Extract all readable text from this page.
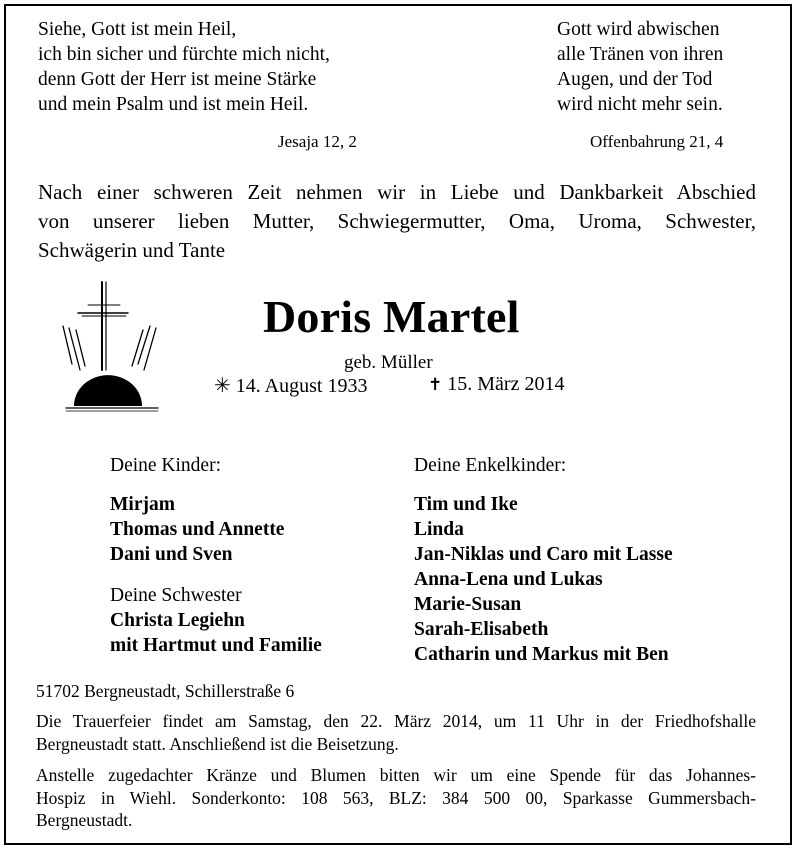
Siehe, Gott ist mein Heil,
ich bin sicher und fürchte mich nicht,
denn Gott der Herr ist meine Stärke
und mein Psalm und ist mein Heil.
Jesaja 12, 2
Gott wird abwischen
alle Tränen von ihren
Augen, und der Tod
wird nicht mehr sein.
Offenbahrung 21, 4
Nach einer schweren Zeit nehmen wir in Liebe und Dankbarkeit Abschied
von unserer lieben Mutter, Schwiegermutter, Oma, Uroma, Schwester,
Schwägerin und Tante
Doris Martel
geb. Müller
✳ 14. August 1933	✝ 15. März 2014
Deine Kinder:
Mirjam
Thomas und Annette
Dani und Sven
Deine Schwester
Christa Legiehn
mit Hartmut und Familie
Deine Enkelkinder:
Tim und Ike
Linda
Jan-Niklas und Caro mit Lasse
Anna-Lena und Lukas
Marie-Susan
Sarah-Elisabeth
Catharin und Markus mit Ben
51702 Bergneustadt, Schillerstraße 6
Die Trauerfeier findet am Samstag, den 22. März 2014, um 11 Uhr in der Friedhofshalle
Bergneustadt statt. Anschließend ist die Beisetzung.
Anstelle zugedachter Kränze und Blumen bitten wir um eine Spende für das Johannes-
Hospiz in Wiehl. Sonderkonto: 108 563, BLZ: 384 500 00, Sparkasse Gummersbach-
Bergneustadt.
